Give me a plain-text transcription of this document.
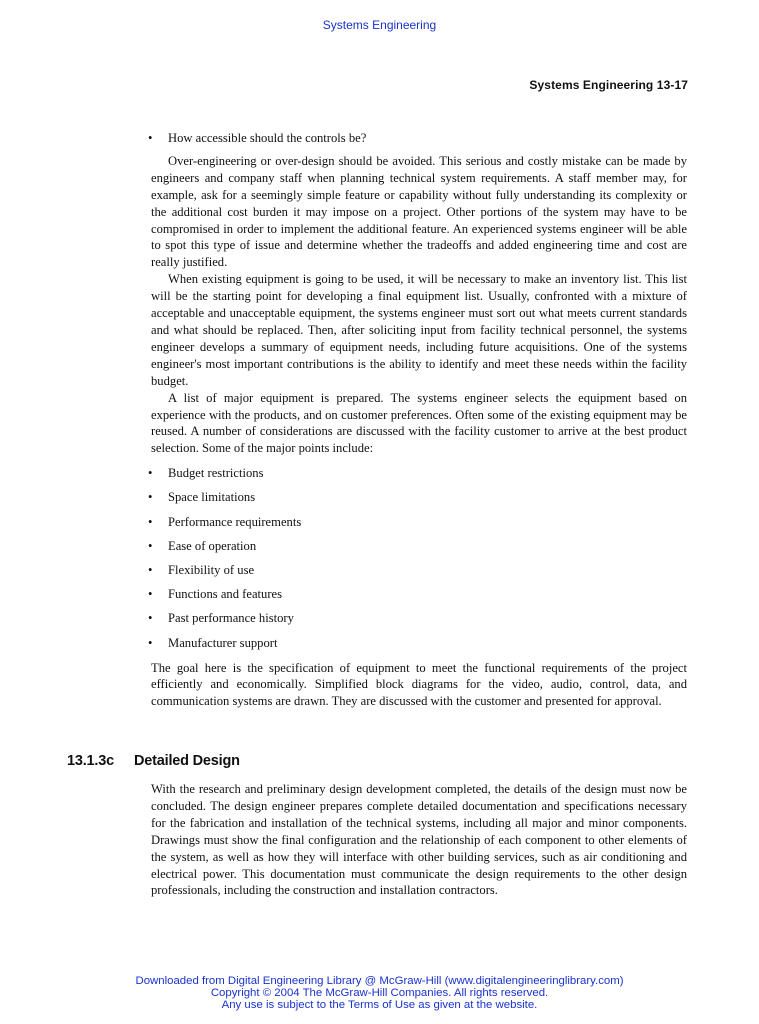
Systems Engineering
Systems Engineering 13-17
• How accessible should the controls be?

Over-engineering or over-design should be avoided. This serious and costly mistake can be made by engineers and company staff when planning technical system requirements. A staff member may, for example, ask for a seemingly simple feature or capability without fully understanding its complexity or the additional cost burden it may impose on a project. Other portions of the system may have to be compromised in order to implement the additional feature. An experienced systems engineer will be able to spot this type of issue and determine whether the tradeoffs and added engineering time and cost are really justified.

When existing equipment is going to be used, it will be necessary to make an inventory list. This list will be the starting point for developing a final equipment list. Usually, confronted with a mixture of acceptable and unacceptable equipment, the systems engineer must sort out what meets current standards and what should be replaced. Then, after soliciting input from facility technical personnel, the systems engineer develops a summary of equipment needs, including future acquisitions. One of the systems engineer's most important contributions is the ability to identify and meet these needs within the facility budget.

A list of major equipment is prepared. The systems engineer selects the equipment based on experience with the products, and on customer preferences. Often some of the existing equipment may be reused. A number of considerations are discussed with the facility customer to arrive at the best product selection. Some of the major points include:

• Budget restrictions
• Space limitations
• Performance requirements
• Ease of operation
• Flexibility of use
• Functions and features
• Past performance history
• Manufacturer support

The goal here is the specification of equipment to meet the functional requirements of the project efficiently and economically. Simplified block diagrams for the video, audio, control, data, and communication systems are drawn. They are discussed with the customer and presented for approval.

13.1.3c Detailed Design

With the research and preliminary design development completed, the details of the design must now be concluded. The design engineer prepares complete detailed documentation and specifications necessary for the fabrication and installation of the technical systems, including all major and minor components. Drawings must show the final configuration and the relationship of each component to other elements of the system, as well as how they will interface with other building services, such as air conditioning and electrical power. This documentation must communicate the design requirements to the other design professionals, including the construction and installation contractors.

Downloaded from Digital Engineering Library @ McGraw-Hill (www.digitalengineeringlibrary.com)
Copyright © 2004 The McGraw-Hill Companies. All rights reserved.
Any use is subject to the Terms of Use as given at the website.
